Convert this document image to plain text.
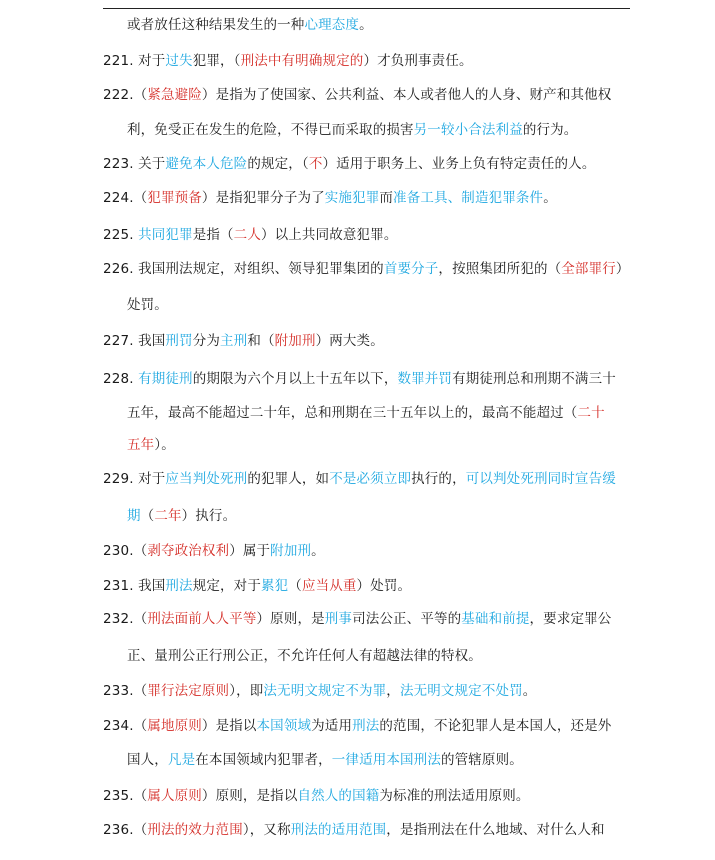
或者放任这种结果发生的一种心理态度。
221. 对于过失犯罪，（刑法中有明确规定的）才负刑事责任。
222.（紧急避险）是指为了使国家、公共利益、本人或者他人的人身、财产和其他权
利，免受正在发生的危险，不得已而采取的损害另一较小合法利益的行为。
223. 关于避免本人危险的规定，（不）适用于职务上、业务上负有特定责任的人。
224.（犯罪预备）是指犯罪分子为了实施犯罪而准备工具、制造犯罪条件。
225. 共同犯罪是指（二人）以上共同故意犯罪。
226. 我国刑法规定，对组织、领导犯罪集团的首要分子，按照集团所犯的（全部罪行）
处罚。
227. 我国刑罚分为主刑和（附加刑）两大类。
228. 有期徒刑的期限为六个月以上十五年以下，数罪并罚有期徒刑总和刑期不满三十
五年，最高不能超过二十年，总和刑期在三十五年以上的，最高不能超过（二十
五年）。
229. 对于应当判处死刑的犯罪人，如不是必须立即执行的，可以判处死刑同时宣告缓
期（二年）执行。
230.（剥夺政治权利）属于附加刑。
231. 我国刑法规定，对于累犯（应当从重）处罚。
232.（刑法面前人人平等）原则，是刑事司法公正、平等的基础和前提，要求定罪公
正、量刑公正行刑公正，不允许任何人有超越法律的特权。
233.（罪行法定原则），即法无明文规定不为罪，法无明文规定不处罚。
234.（属地原则）是指以本国领域为适用刑法的范围，不论犯罪人是本国人，还是外
国人，凡是在本国领域内犯罪者，一律适用本国刑法的管辖原则。
235.（属人原则）原则，是指以自然人的国籍为标准的刑法适用原则。
236.（刑法的效力范围），又称刑法的适用范围，是指刑法在什么地域、对什么人和
